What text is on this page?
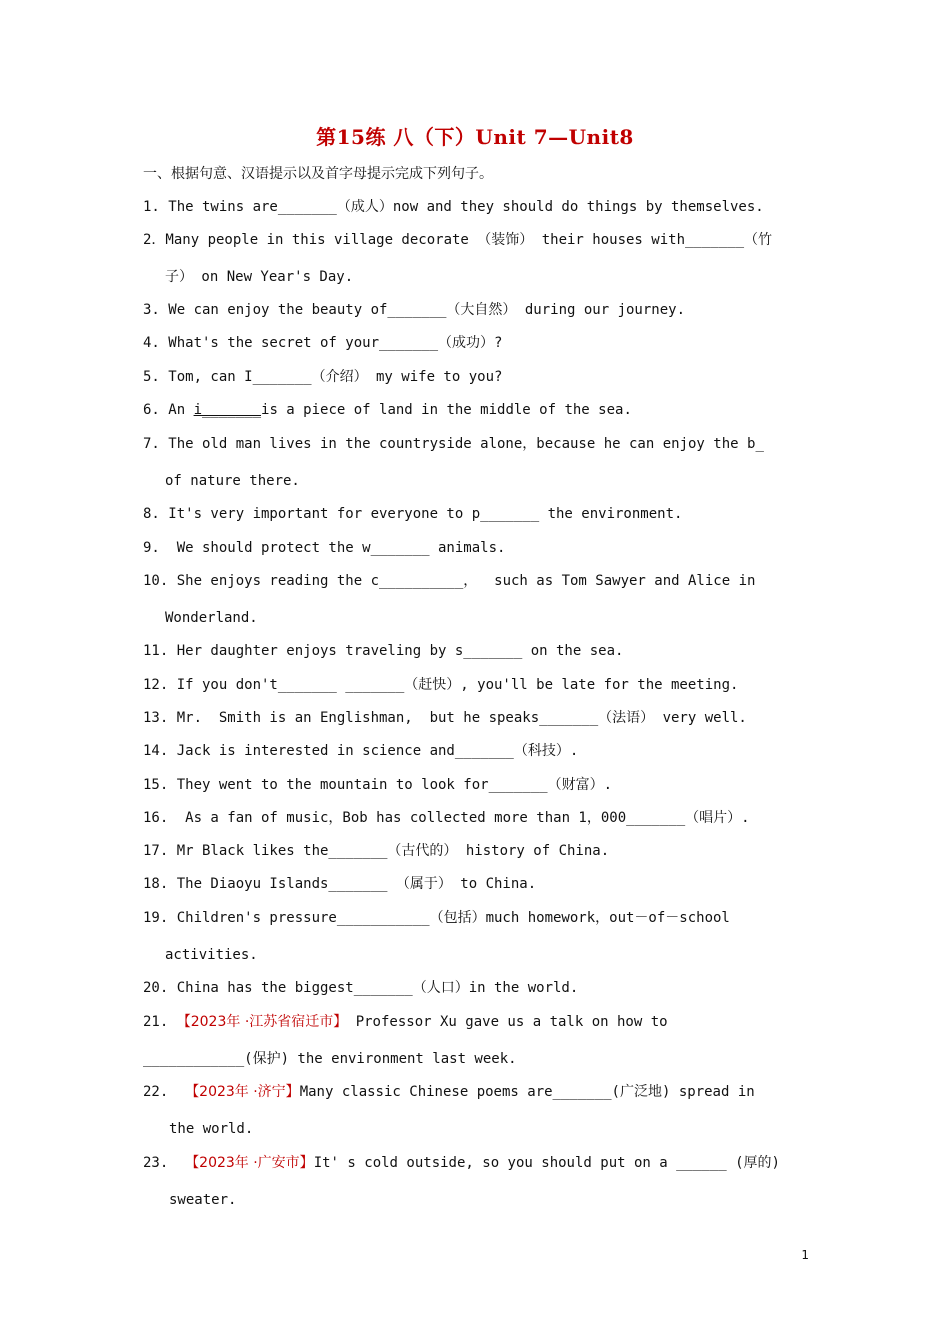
第15练 八（下）Unit 7—Unit8
一、根据句意、汉语提示以及首字母提示完成下列句子。
1. The twins are_______（成人）now and they should do things by themselves.
2．Many people in this village decorate （装饰） their houses with_______（竹
子） on New Year's Day.
3. We can enjoy the beauty of_______（大自然） during our journey.
4. What's the secret of your_______（成功）?
5. Tom, can I_______（介绍） my wife to you?
6. An i_______is a piece of land in the middle of the sea.
7. The old man lives in the countryside alone，because he can enjoy the b_
of nature there.
8. It's very important for everyone to p_______ the environment.
9.  We should protect the w_______ animals.
10. She enjoys reading the c__________，  such as Tom Sawyer and Alice in
Wonderland.
11. Her daughter enjoys traveling by s_______ on the sea.
12. If you don't_______ _______（赶快）, you'll be late for the meeting.
13. Mr.  Smith is an Englishman,  but he speaks_______（法语） very well.
14. Jack is interested in science and_______（科技）.
15. They went to the mountain to look for_______（财富）.
16.  As a fan of music，Bob has collected more than 1，000_______（唱片）.
17. Mr Black likes the_______（古代的） history of China.
18. The Diaoyu Islands_______ （属于） to China.
19. Children's pressure___________（包括）much homework，out－of－school
activities.
20. China has the biggest_______（人口）in the world.
21. 【2023年 ·江苏省宿迁市】 Professor Xu gave us a talk on how to
____________(保护) the environment last week.
22. 【2023年 ·济宁】Many classic Chinese poems are_______(广泛地) spread in
the world.
23. 【2023年 ·广安市】It' s cold outside, so you should put on a ______ (厚的)
sweater.
1
